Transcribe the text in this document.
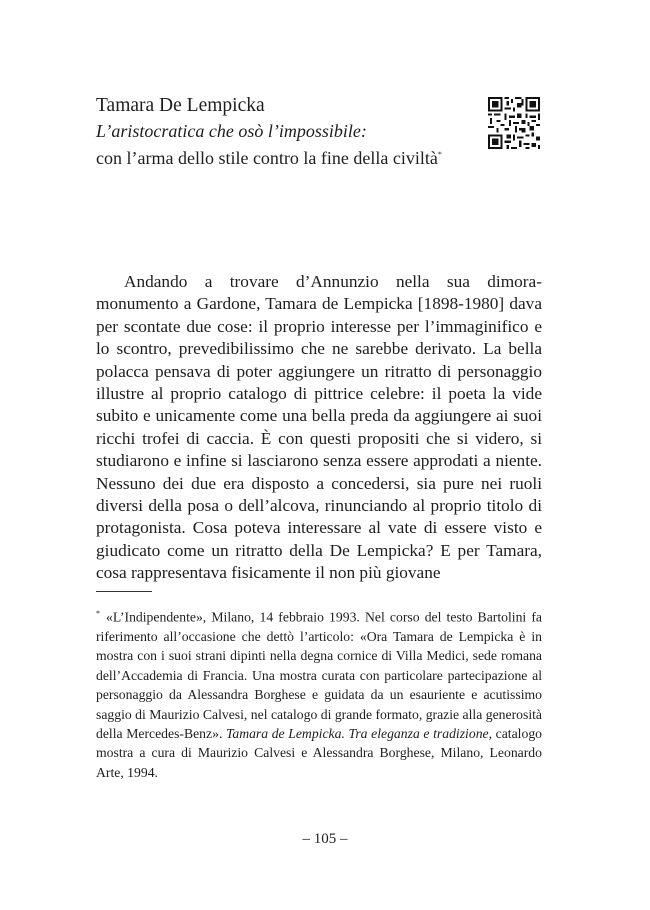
Tamara De Lempicka

L’aristocratica che osò l’impossibile:

con l’arma dello stile contro la fine della civiltà*

Andando a trovare d’Annunzio nella sua dimora-monumento a Gardone, Tamara de Lempicka [1898-1980] dava per scontate due cose: il proprio interesse per l’immaginifico e lo scontro, prevedibilissimo che ne sarebbe derivato. La bella polacca pensava di poter aggiungere un ritratto di personaggio illustre al proprio catalogo di pittrice celebre: il poeta la vide subito e unicamente come una bella preda da aggiungere ai suoi ricchi trofei di caccia. È con questi propositi che si videro, si studiarono e infine si lasciarono senza essere approdati a niente. Nessuno dei due era disposto a concedersi, sia pure nei ruoli diversi della posa o dell’alcova, rinunciando al proprio titolo di protagonista. Cosa poteva interessare al vate di essere visto e giudicato come un ritratto della De Lempicka? E per Tamara, cosa rappresentava fisicamente il non più giovane

* «L’Indipendente», Milano, 14 febbraio 1993. Nel corso del testo Bartolini fa riferimento all’occasione che dettò l’articolo: «Ora Tamara de Lempicka è in mostra con i suoi strani dipinti nella degna cornice di Villa Medici, sede romana dell’Accademia di Francia. Una mostra curata con particolare partecipazione al personaggio da Alessandra Borghese e guidata da un esauriente e acutissimo saggio di Maurizio Calvesi, nel catalogo di grande formato, grazie alla generosità della Mercedes-Benz». Tamara de Lempicka. Tra eleganza e tradizione, catalogo mostra a cura di Maurizio Calvesi e Alessandra Borghese, Milano, Leonardo Arte, 1994.

– 105 –
